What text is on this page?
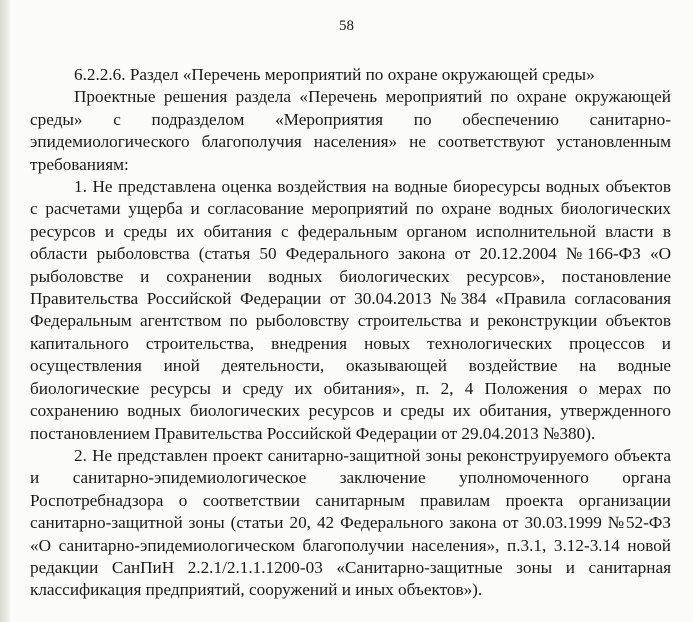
58

6.2.2.6. Раздел «Перечень мероприятий по охране окружающей среды»

Проектные решения раздела «Перечень мероприятий по охране окружающей среды» с подразделом «Мероприятия по обеспечению санитарно-эпидемиологического благополучия населения» не соответствуют установленным требованиям:

1. Не представлена оценка воздействия на водные биоресурсы водных объектов с расчетами ущерба и согласование мероприятий по охране водных биологических ресурсов и среды их обитания с федеральным органом исполнительной власти в области рыболовства (статья 50 Федерального закона от 20.12.2004 №166-ФЗ «О рыболовстве и сохранении водных биологических ресурсов», постановление Правительства Российской Федерации от 30.04.2013 №384 «Правила согласования Федеральным агентством по рыболовству строительства и реконструкции объектов капитального строительства, внедрения новых технологических процессов и осуществления иной деятельности, оказывающей воздействие на водные биологические ресурсы и среду их обитания», п. 2, 4 Положения о мерах по сохранению водных биологических ресурсов и среды их обитания, утвержденного постановлением Правительства Российской Федерации от 29.04.2013 №380).

2. Не представлен проект санитарно-защитной зоны реконструируемого объекта и санитарно-эпидемиологическое заключение уполномоченного органа Роспотребнадзора о соответствии санитарным правилам проекта организации санитарно-защитной зоны (статьи 20, 42 Федерального закона от 30.03.1999 №52-ФЗ «О санитарно-эпидемиологическом благополучии населения», п.3.1, 3.12-3.14 новой редакции СанПиН 2.2.1/2.1.1.1200-03 «Санитарно-защитные зоны и санитарная классификация предприятий, сооружений и иных объектов»).
